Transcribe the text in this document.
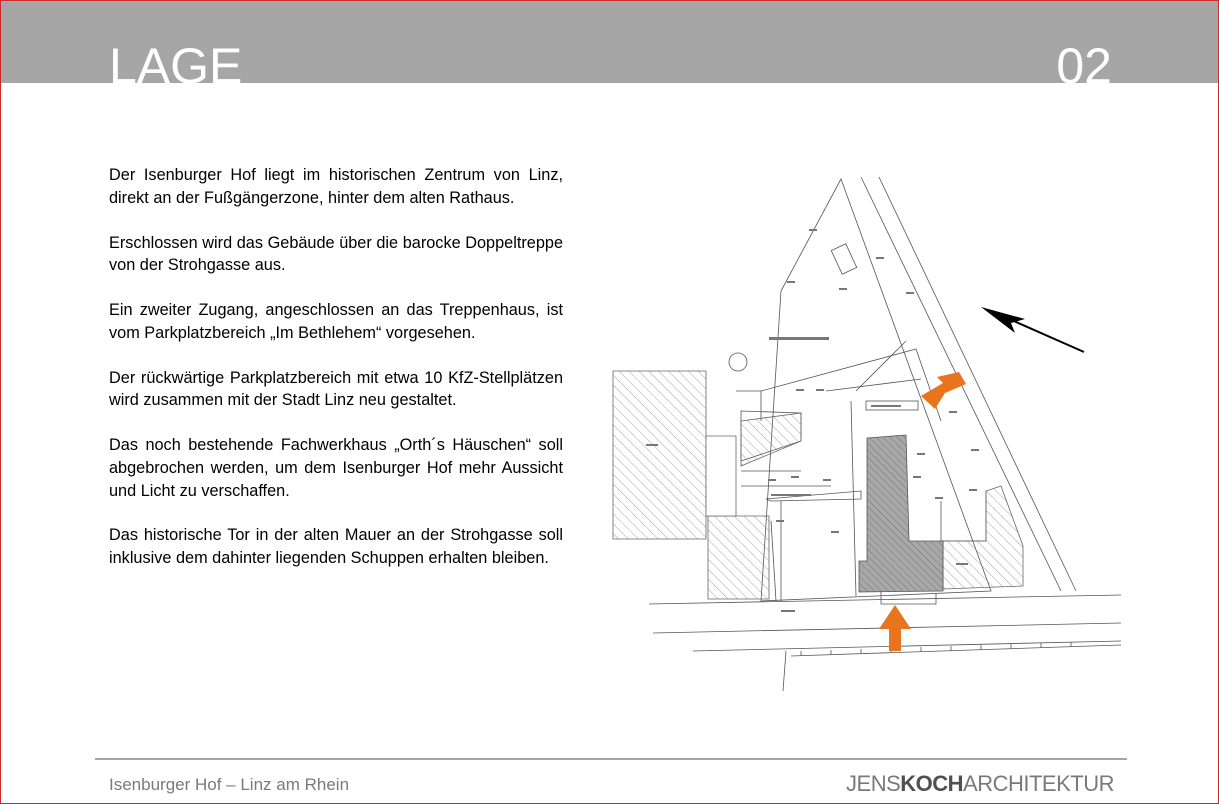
LAGE	02

Der Isenburger Hof liegt im historischen Zentrum von Linz, direkt an der Fußgängerzone, hinter dem alten Rathaus.

Erschlossen wird das Gebäude über die barocke Doppeltreppe von der Strohgasse aus.

Ein zweiter Zugang, angeschlossen an das Treppenhaus, ist vom Parkplatzbereich „Im Bethlehem“ vorgesehen.

Der rückwärtige Parkplatzbereich mit etwa 10 KfZ-Stellplätzen wird zusammen mit der Stadt Linz neu gestaltet.

Das noch bestehende Fachwerkhaus „Orth´s Häuschen“ soll abgebrochen werden, um dem Isenburger Hof mehr Aussicht und Licht zu verschaffen.

Das historische Tor in der alten Mauer an der Strohgasse soll inklusive dem dahinter liegenden Schuppen erhalten bleiben.

Isenburger Hof – Linz am Rhein	JENSKOCHARCHITEKTUR
